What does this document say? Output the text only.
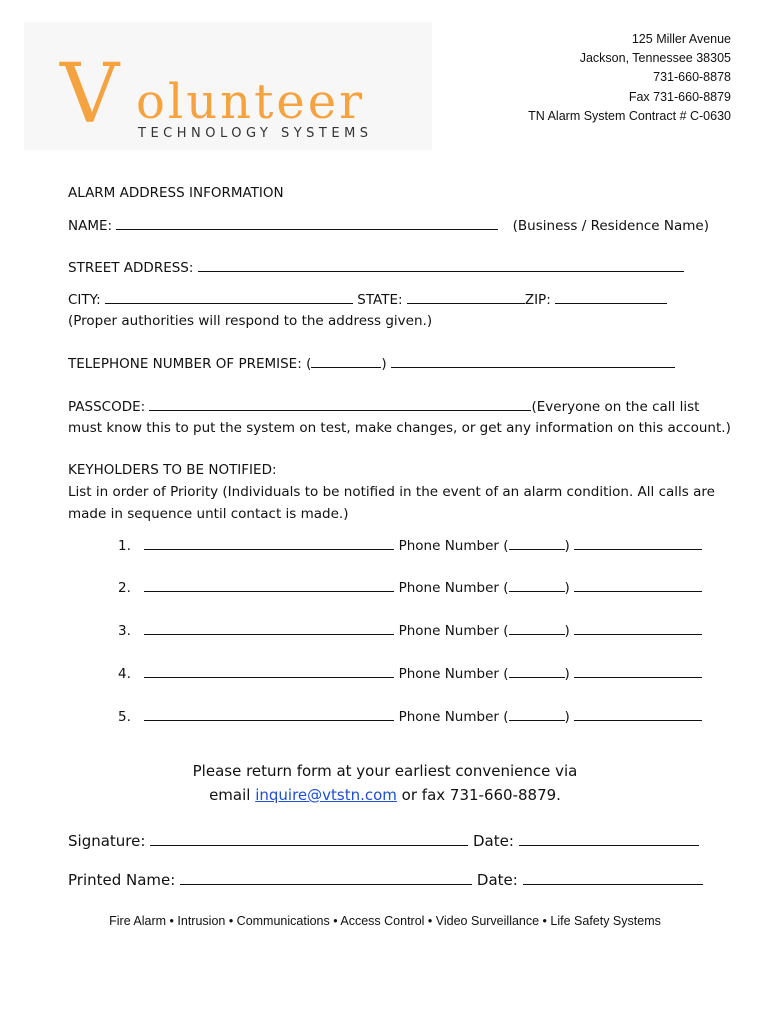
V olunteer
TECHNOLOGY SYSTEMS
125 Miller Avenue
Jackson, Tennessee 38305
731-660-8878
Fax 731-660-8879
TN Alarm System Contract # C-0630
ALARM ADDRESS INFORMATION
NAME:	(Business / Residence Name)
STREET ADDRESS:
CITY:	STATE:	ZIP:
(Proper authorities will respond to the address given.)
TELEPHONE NUMBER OF PREMISE: (	)
PASSCODE:	(Everyone on the call list
must know this to put the system on test, make changes, or get any information on this account.)
KEYHOLDERS TO BE NOTIFIED:
List in order of Priority (Individuals to be notified in the event of an alarm condition. All calls are
made in sequence until contact is made.)
1.	Phone Number (	)
2.	Phone Number (	)
3.	Phone Number (	)
4.	Phone Number (	)
5.	Phone Number (	)
Please return form at your earliest convenience via
email inquire@vtstn.com or fax 731-660-8879.
Signature:	Date:
Printed Name:	Date:
Fire Alarm • Intrusion • Communications • Access Control • Video Surveillance • Life Safety Systems
